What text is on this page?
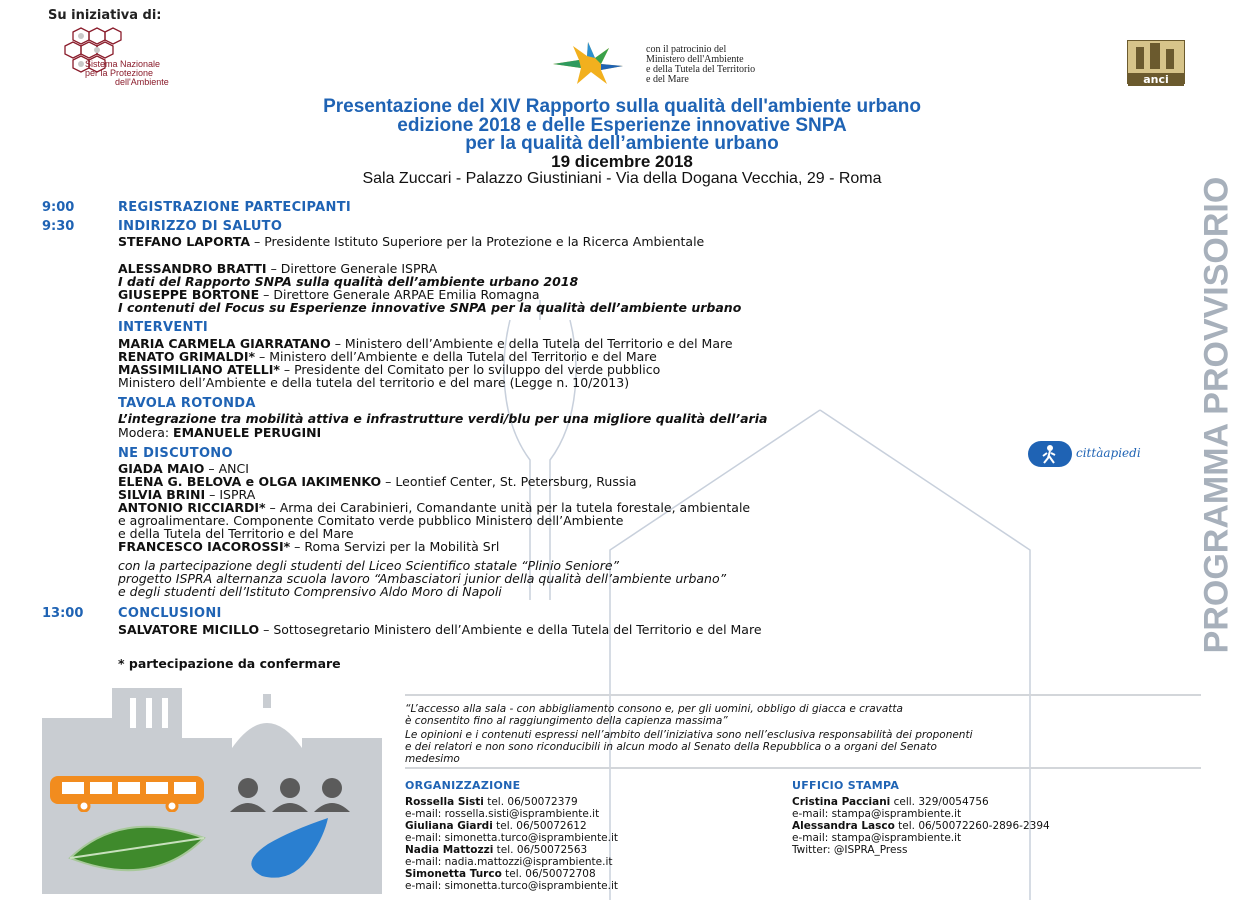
Su iniziativa di:
Sistema Nazionale
per la Protezione
dell'Ambiente
con il patrocinio del
Ministero dell'Ambiente
e della Tutela del Territorio
e del Mare	anci
Presentazione del XIV Rapporto sulla qualità dell'ambiente urbano
edizione 2018 e delle Esperienze innovative SNPA
per la qualità dell’ambiente urbano
19 dicembre 2018
Sala Zuccari - Palazzo Giustiniani - Via della Dogana Vecchia, 29 - Roma	PROGRAMMA PROVVISORIO
9:00	REGISTRAZIONE PARTECIPANTI
9:30	INDIRIZZO DI SALUTO
STEFANO LAPORTA – Presidente Istituto Superiore per la Protezione e la Ricerca Ambientale
ALESSANDRO BRATTI – Direttore Generale ISPRA
I dati del Rapporto SNPA sulla qualità dell’ambiente urbano 2018
GIUSEPPE BORTONE – Direttore Generale ARPAE Emilia Romagna
I contenuti del Focus su Esperienze innovative SNPA per la qualità dell’ambiente urbano
INTERVENTI
MARIA CARMELA GIARRATANO – Ministero dell’Ambiente e della Tutela del Territorio e del Mare
RENATO GRIMALDI* – Ministero dell’Ambiente e della Tutela del Territorio e del Mare
MASSIMILIANO ATELLI* – Presidente del Comitato per lo sviluppo del verde pubblico
Ministero dell’Ambiente e della tutela del territorio e del mare (Legge n. 10/2013)
TAVOLA ROTONDA
L’integrazione tra mobilità attiva e infrastrutture verdi/blu per una migliore qualità dell’aria
Modera: EMANUELE PERUGINI
NE DISCUTONO
GIADA MAIO – ANCI
ELENA G. BELOVA e OLGA IAKIMENKO – Leontief Center, St. Petersburg, Russia
SILVIA BRINI – ISPRA
ANTONIO RICCIARDI* – Arma dei Carabinieri, Comandante unità per la tutela forestale, ambientale
e agroalimentare. Componente Comitato verde pubblico Ministero dell’Ambiente
e della Tutela del Territorio e del Mare
FRANCESCO IACOROSSI* – Roma Servizi per la Mobilità Srl
con la partecipazione degli studenti del Liceo Scientifico statale “Plinio Seniore”
progetto ISPRA alternanza scuola lavoro “Ambasciatori junior della qualità dell’ambiente urbano”
e degli studenti dell’Istituto Comprensivo Aldo Moro di Napoli
13:00	CONCLUSIONI
SALVATORE MICILLO – Sottosegretario Ministero dell’Ambiente e della Tutela del Territorio e del Mare
* partecipazione da confermare
cittàapiedi
“L’accesso alla sala - con abbigliamento consono e, per gli uomini, obbligo di giacca e cravatta
è consentito fino al raggiungimento della capienza massima”
Le opinioni e i contenuti espressi nell’ambito dell’iniziativa sono nell’esclusiva responsabilità dei proponenti
e dei relatori e non sono riconducibili in alcun modo al Senato della Repubblica o a organi del Senato
medesimo
ORGANIZZAZIONE
Rossella Sisti tel. 06/50072379
e-mail: rossella.sisti@isprambiente.it
Giuliana Giardi tel. 06/50072612
e-mail: simonetta.turco@isprambiente.it
Nadia Mattozzi tel. 06/50072563
e-mail: nadia.mattozzi@isprambiente.it
Simonetta Turco tel. 06/50072708
e-mail: simonetta.turco@isprambiente.it
UFFICIO STAMPA
Cristina Pacciani cell. 329/0054756
e-mail: stampa@isprambiente.it
Alessandra Lasco tel. 06/50072260-2896-2394
e-mail: stampa@isprambiente.it
Twitter: @ISPRA_Press
